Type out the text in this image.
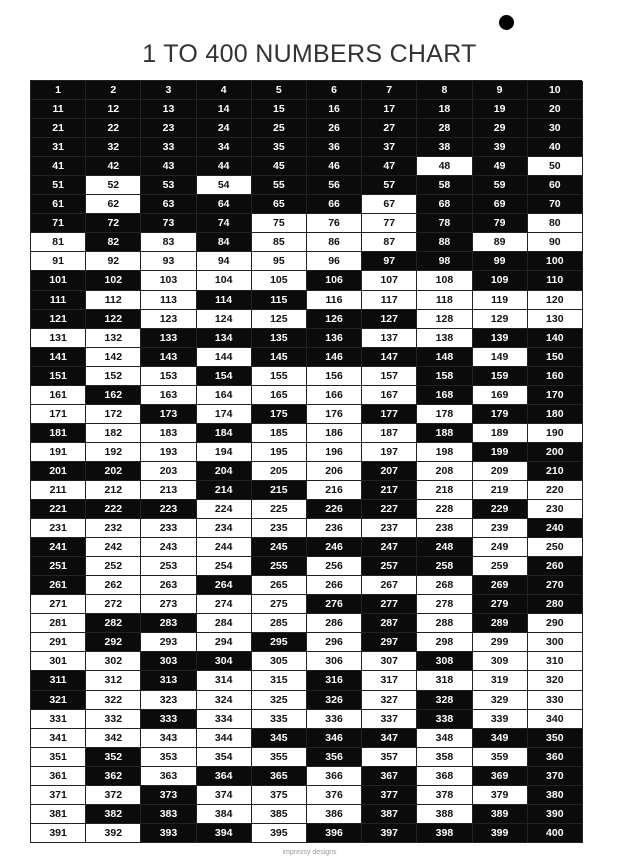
1 TO 400 NUMBERS CHART
1	2	3	4	5	6	7	8	9	10
11	12	13	14	15	16	17	18	19	20
21	22	23	24	25	26	27	28	29	30
31	32	33	34	35	36	37	38	39	40
41	42	43	44	45	46	47	48	49	50
51	52	53	54	55	56	57	58	59	60
61	62	63	64	65	66	67	68	69	70
71	72	73	74	75	76	77	78	79	80
81	82	83	84	85	86	87	88	89	90
91	92	93	94	95	96	97	98	99	100
101	102	103	104	105	106	107	108	109	110
111	112	113	114	115	116	117	118	119	120
121	122	123	124	125	126	127	128	129	130
131	132	133	134	135	136	137	138	139	140
141	142	143	144	145	146	147	148	149	150
151	152	153	154	155	156	157	158	159	160
161	162	163	164	165	166	167	168	169	170
171	172	173	174	175	176	177	178	179	180
181	182	183	184	185	186	187	188	189	190
191	192	193	194	195	196	197	198	199	200
201	202	203	204	205	206	207	208	209	210
211	212	213	214	215	216	217	218	219	220
221	222	223	224	225	226	227	228	229	230
231	232	233	234	235	236	237	238	239	240
241	242	243	244	245	246	247	248	249	250
251	252	253	254	255	256	257	258	259	260
261	262	263	264	265	266	267	268	269	270
271	272	273	274	275	276	277	278	279	280
281	282	283	284	285	286	287	288	289	290
291	292	293	294	295	296	297	298	299	300
301	302	303	304	305	306	307	308	309	310
311	312	313	314	315	316	317	318	319	320
321	322	323	324	325	326	327	328	329	330
331	332	333	334	335	336	337	338	339	340
341	342	343	344	345	346	347	348	349	350
351	352	353	354	355	356	357	358	359	360
361	362	363	364	365	366	367	368	369	370
371	372	373	374	375	376	377	378	379	380
381	382	383	384	385	386	387	388	389	390
391	392	393	394	395	396	397	398	399	400
imprezsy designs
